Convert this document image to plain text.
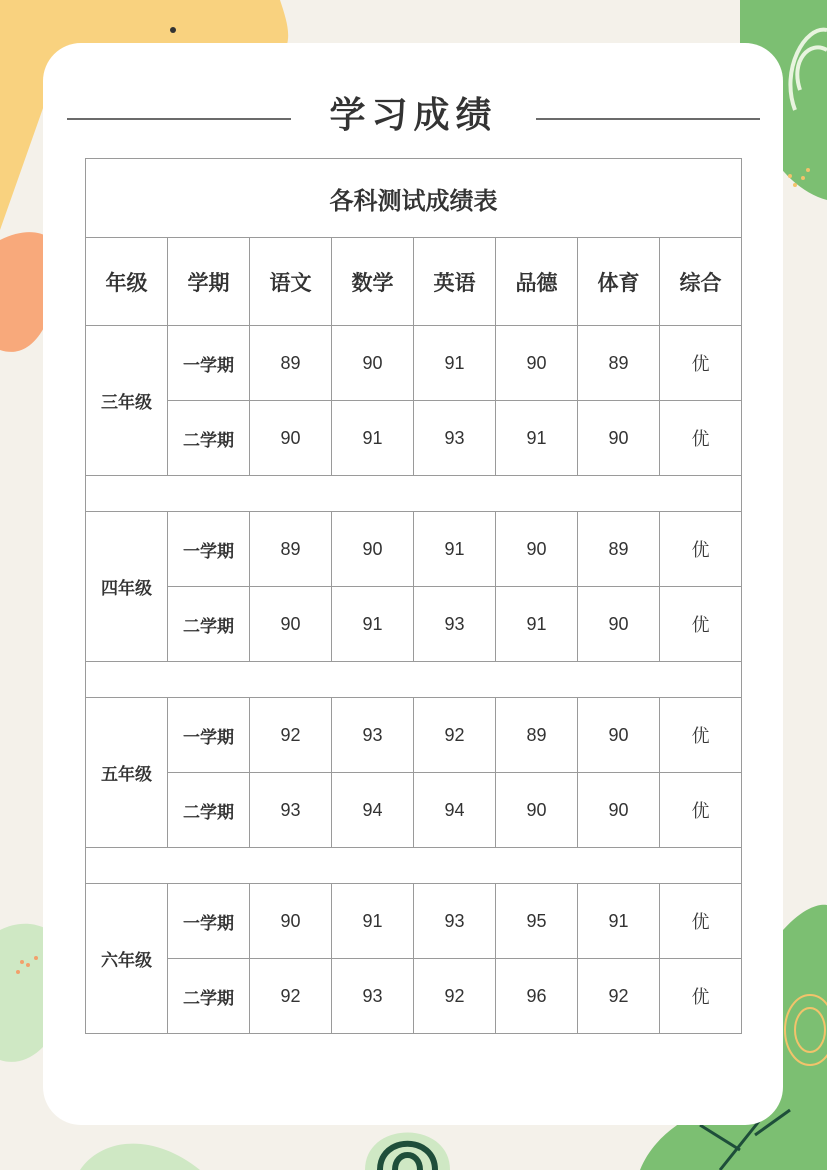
学习成绩
各科测试成绩表							
年级	学期	语文	数学	英语	品德	体育	综合
三年级	一学期	89	90	91	90	89	优
	二学期	90	91	93	91	90	优

四年级	一学期	89	90	91	90	89	优
	二学期	90	91	93	91	90	优

五年级	一学期	92	93	92	89	90	优
	二学期	93	94	94	90	90	优

六年级	一学期	90	91	93	95	91	优
	二学期	92	93	92	96	92	优
